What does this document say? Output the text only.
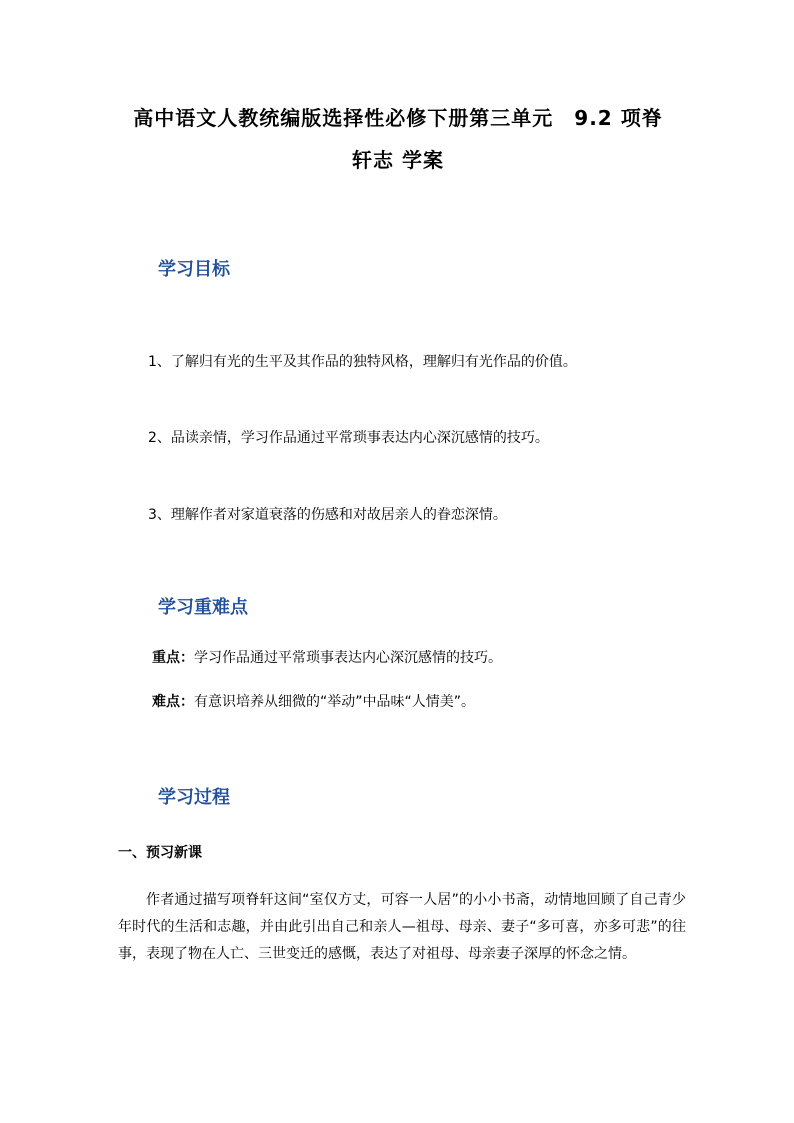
高中语文人教统编版选择性必修下册第三单元　9.2 项脊
轩志 学案
学习目标
1、了解归有光的生平及其作品的独特风格，理解归有光作品的价值。
2、品读亲情，学习作品通过平常琐事表达内心深沉感情的技巧。
3、理解作者对家道衰落的伤感和对故居亲人的眷恋深情。
学习重难点
重点：学习作品通过平常琐事表达内心深沉感情的技巧。
难点：有意识培养从细微的“举动”中品味“人情美”。
学习过程
一、预习新课
作者通过描写项脊轩这间“室仅方丈，可容一人居”的小小书斋，动情地回顾了自己青少年时代的生活和志趣，并由此引出自己和亲人—祖母、母亲、妻子“多可喜，亦多可悲”的往事，表现了物在人亡、三世变迁的感慨，表达了对祖母、母亲妻子深厚的怀念之情。
